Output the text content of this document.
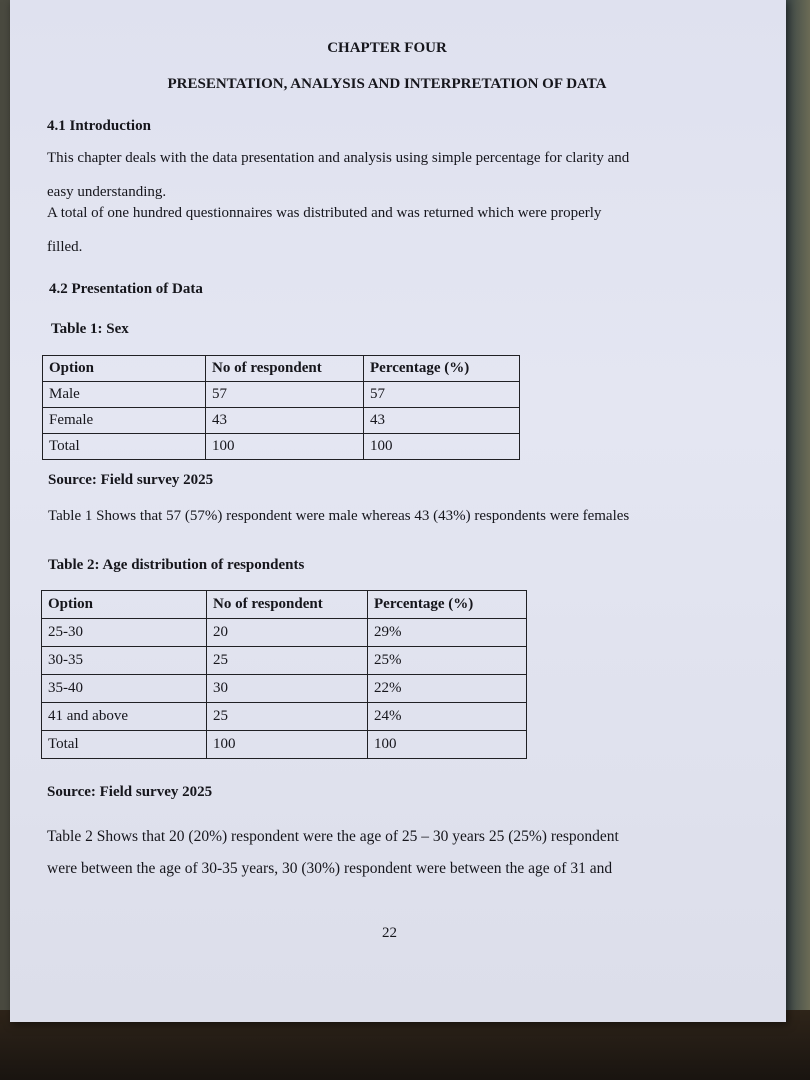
CHAPTER FOUR
PRESENTATION, ANALYSIS AND INTERPRETATION OF DATA
4.1 Introduction
This chapter deals with the data presentation and analysis using simple percentage for clarity and
easy understanding.
A total of one hundred questionnaires was distributed and was returned which were properly
filled.
4.2 Presentation of Data
Table 1: Sex
Option	No of respondent	Percentage (%)
Male	57	57
Female	43	43
Total	100	100
Source: Field survey 2025
Table 1 Shows that 57 (57%) respondent were male whereas 43 (43%) respondents were females
Table 2: Age distribution of respondents
Option	No of respondent	Percentage (%)
25-30	20	29%
30-35	25	25%
35-40	30	22%
41 and above	25	24%
Total	100	100
Source: Field survey 2025
Table 2 Shows that 20 (20%) respondent were the age of 25 – 30 years 25 (25%) respondent
were between the age of 30-35 years, 30 (30%) respondent were between the age of 31 and
22
